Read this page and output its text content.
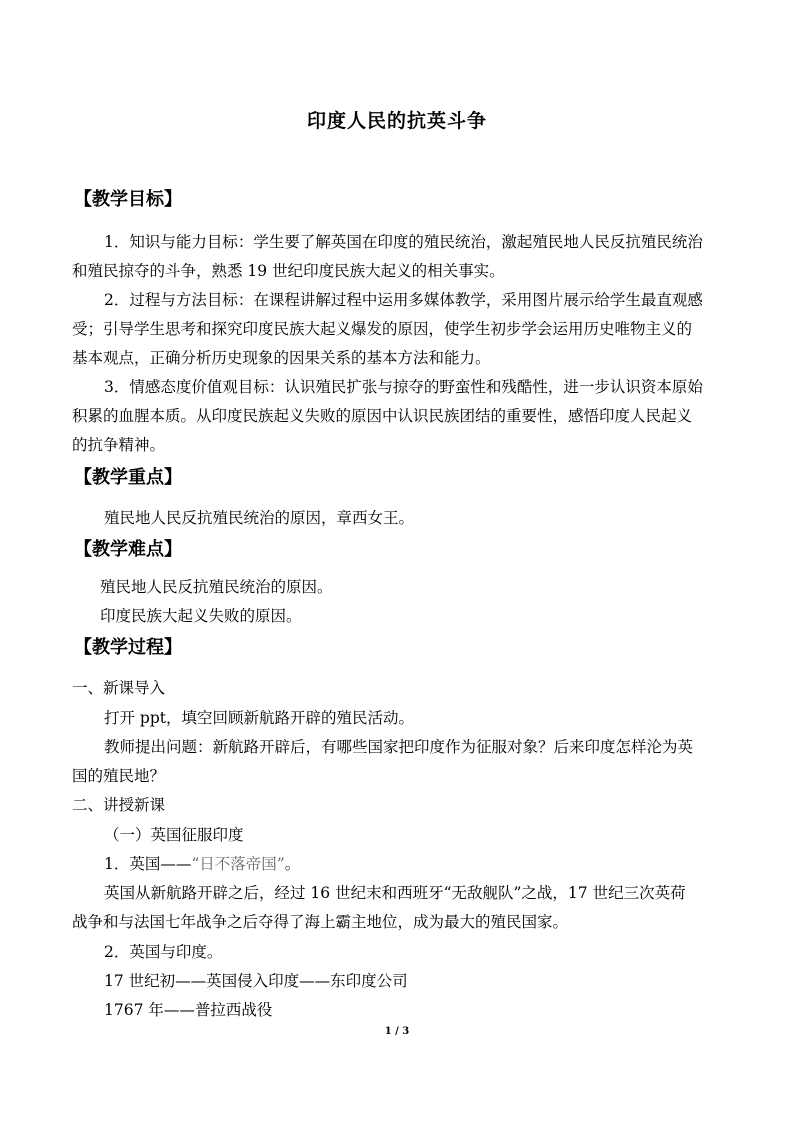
印度人民的抗英斗争
【教学目标】
1．知识与能力目标：学生要了解英国在印度的殖民统治，激起殖民地人民反抗殖民统治
和殖民掠夺的斗争，熟悉 19 世纪印度民族大起义的相关事实。
2．过程与方法目标：在课程讲解过程中运用多媒体教学，采用图片展示给学生最直观感
受；引导学生思考和探究印度民族大起义爆发的原因，使学生初步学会运用历史唯物主义的
基本观点，正确分析历史现象的因果关系的基本方法和能力。
3．情感态度价值观目标：认识殖民扩张与掠夺的野蛮性和残酷性，进一步认识资本原始
积累的血腥本质。从印度民族起义失败的原因中认识民族团结的重要性，感悟印度人民起义
的抗争精神。
【教学重点】
殖民地人民反抗殖民统治的原因，章西女王。
【教学难点】
殖民地人民反抗殖民统治的原因。
印度民族大起义失败的原因。
【教学过程】
一、新课导入
打开 ppt，填空回顾新航路开辟的殖民活动。
教师提出问题：新航路开辟后，有哪些国家把印度作为征服对象？后来印度怎样沦为英
国的殖民地？
二、讲授新课
（一）英国征服印度
1．英国——“日不落帝国”。
英国从新航路开辟之后，经过 16 世纪末和西班牙“无敌舰队”之战，17 世纪三次英荷
战争和与法国七年战争之后夺得了海上霸主地位，成为最大的殖民国家。
2．英国与印度。
17 世纪初——英国侵入印度——东印度公司
1767 年——普拉西战役
1 / 3
